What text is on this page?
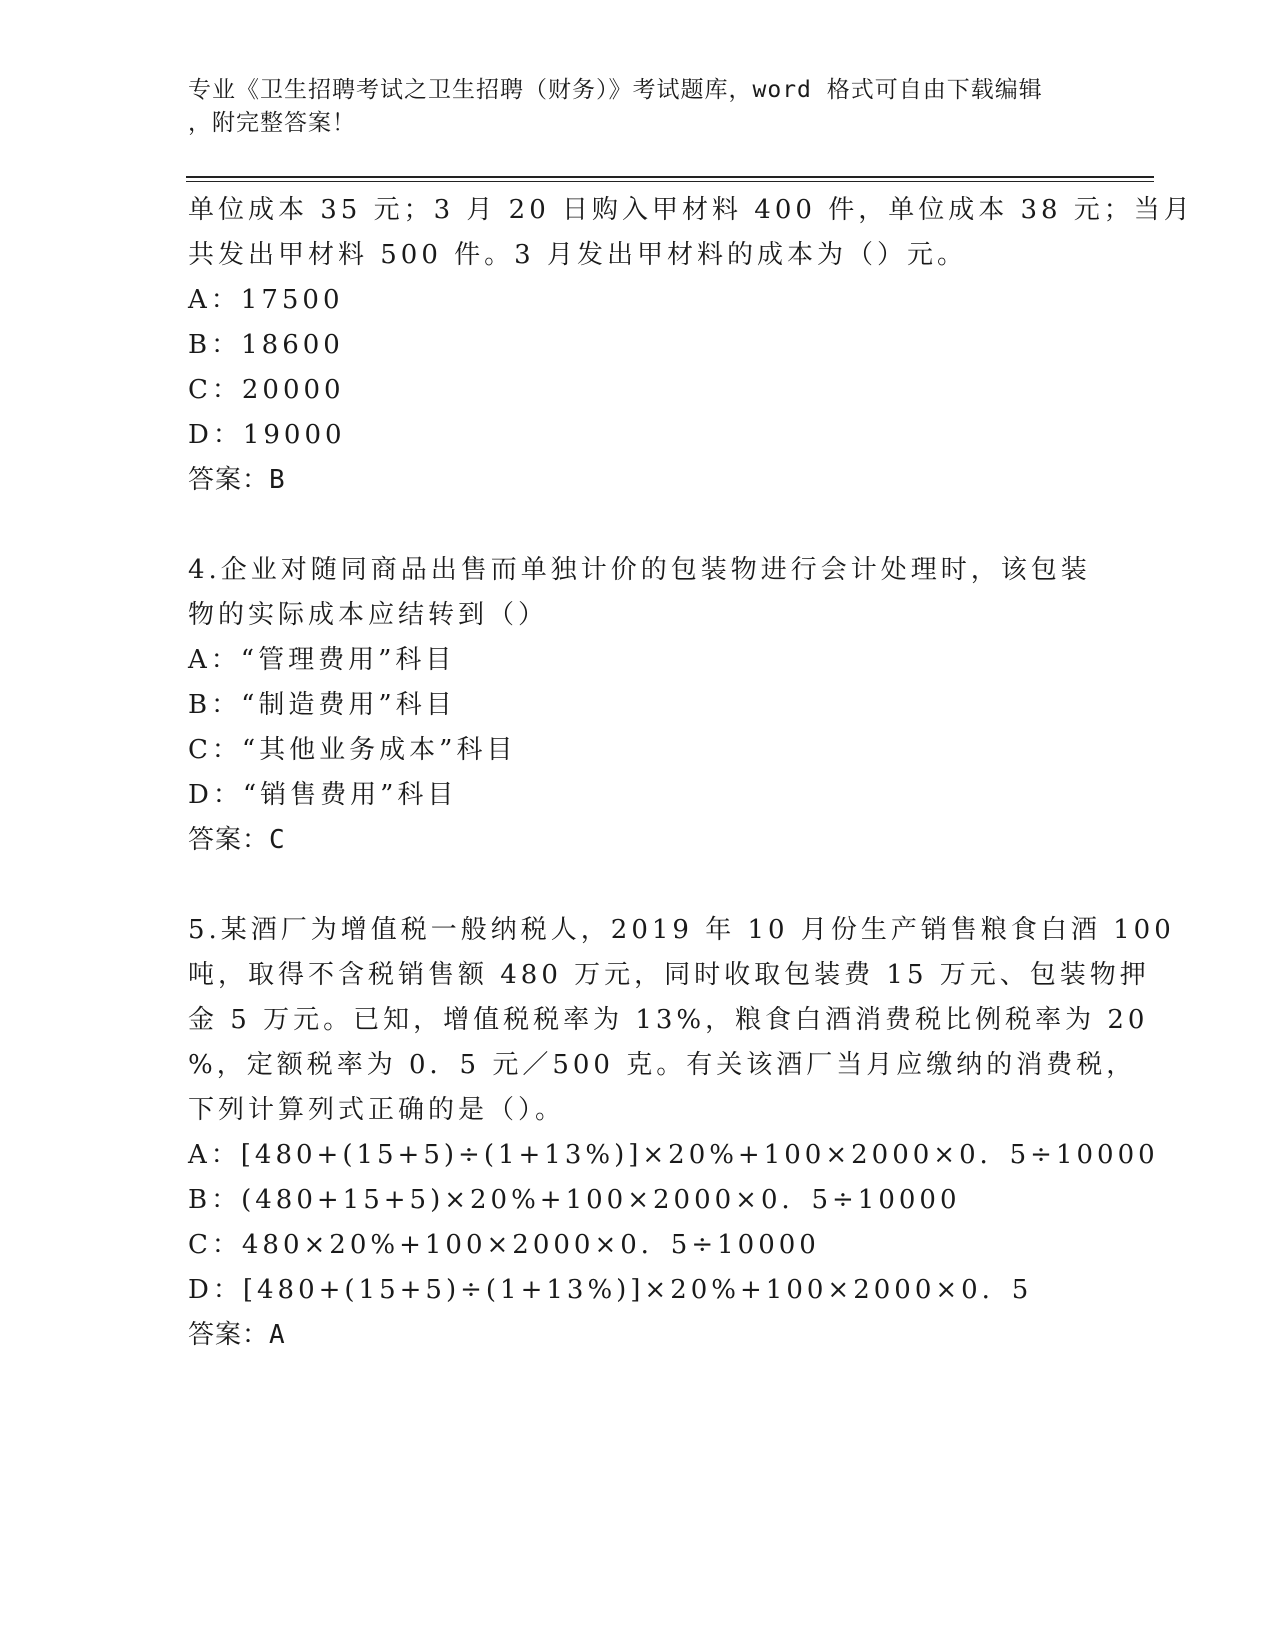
专业《卫生招聘考试之卫生招聘（财务）》考试题库，word 格式可自由下载编辑
，附完整答案！
单位成本 35 元；3 月 20 日购入甲材料 400 件，单位成本 38 元；当月
共发出甲材料 500 件。3 月发出甲材料的成本为（）元。
A：17500
B：18600
C：20000
D：19000
答案：B
4.企业对随同商品出售而单独计价的包装物进行会计处理时，该包装
物的实际成本应结转到（）
A：“管理费用”科目
B：“制造费用”科目
C：“其他业务成本”科目
D：“销售费用”科目
答案：C
5.某酒厂为增值税一般纳税人，2019 年 10 月份生产销售粮食白酒 100
吨，取得不含税销售额 480 万元，同时收取包装费 15 万元、包装物押
金 5 万元。已知，增值税税率为 13%，粮食白酒消费税比例税率为 20
%，定额税率为 0．5 元／500 克。有关该酒厂当月应缴纳的消费税，
下列计算列式正确的是（）。
A：[480+(15+5)÷(1+13%)]×20%+100×2000×0．5÷10000
B：(480+15+5)×20%+100×2000×0．5÷10000
C：480×20%+100×2000×0．5÷10000
D：[480+(15+5)÷(1+13%)]×20%+100×2000×0．5
答案：A
